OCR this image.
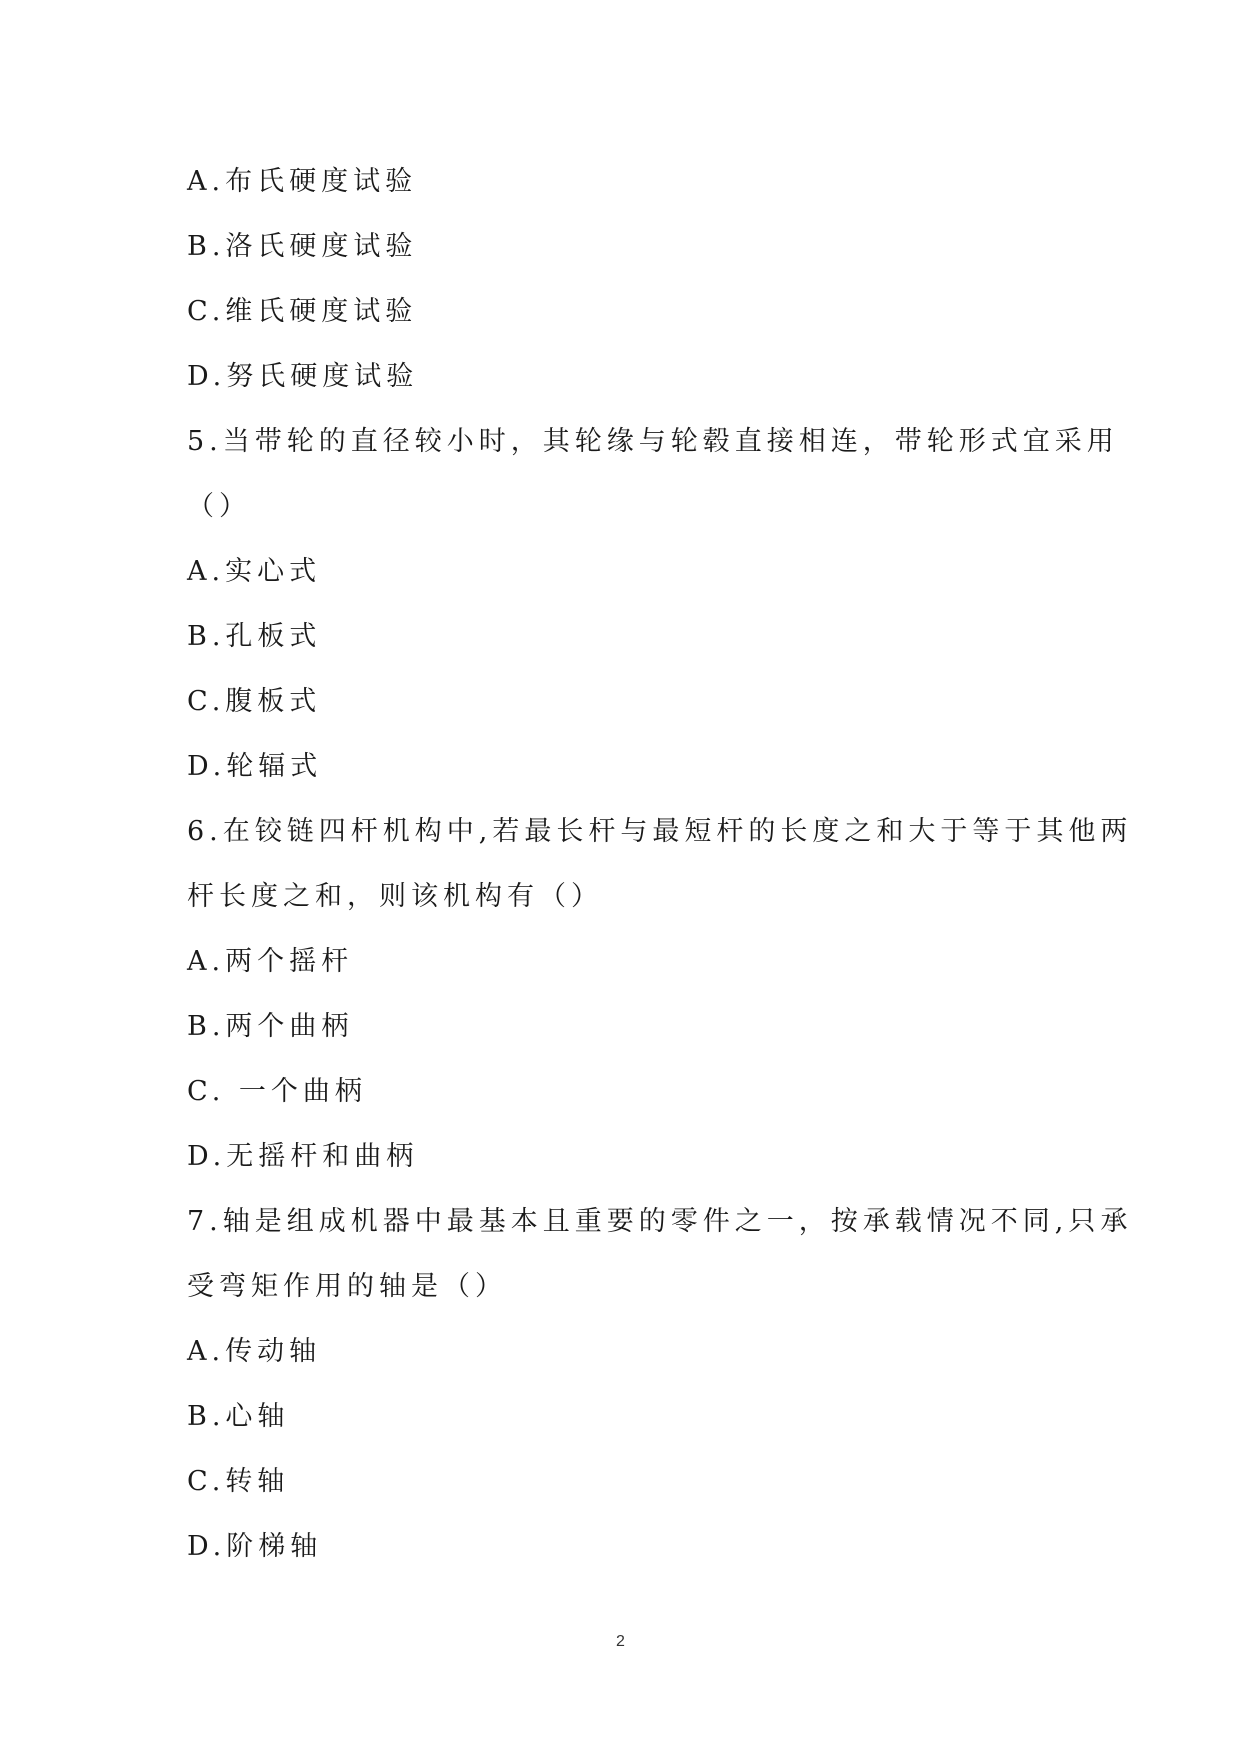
A.布氏硬度试验
B.洛氏硬度试验
C.维氏硬度试验
D.努氏硬度试验
5.当带轮的直径较小时，其轮缘与轮毂直接相连，带轮形式宜采用
（）
A.实心式
B.孔板式
C.腹板式
D.轮辐式
6.在铰链四杆机构中,若最长杆与最短杆的长度之和大于等于其他两
杆长度之和，则该机构有（）
A.两个摇杆
B.两个曲柄
C. 一个曲柄
D.无摇杆和曲柄
7.轴是组成机器中最基本且重要的零件之一，按承载情况不同,只承
受弯矩作用的轴是（）
A.传动轴
B.心轴
C.转轴
D.阶梯轴
2
